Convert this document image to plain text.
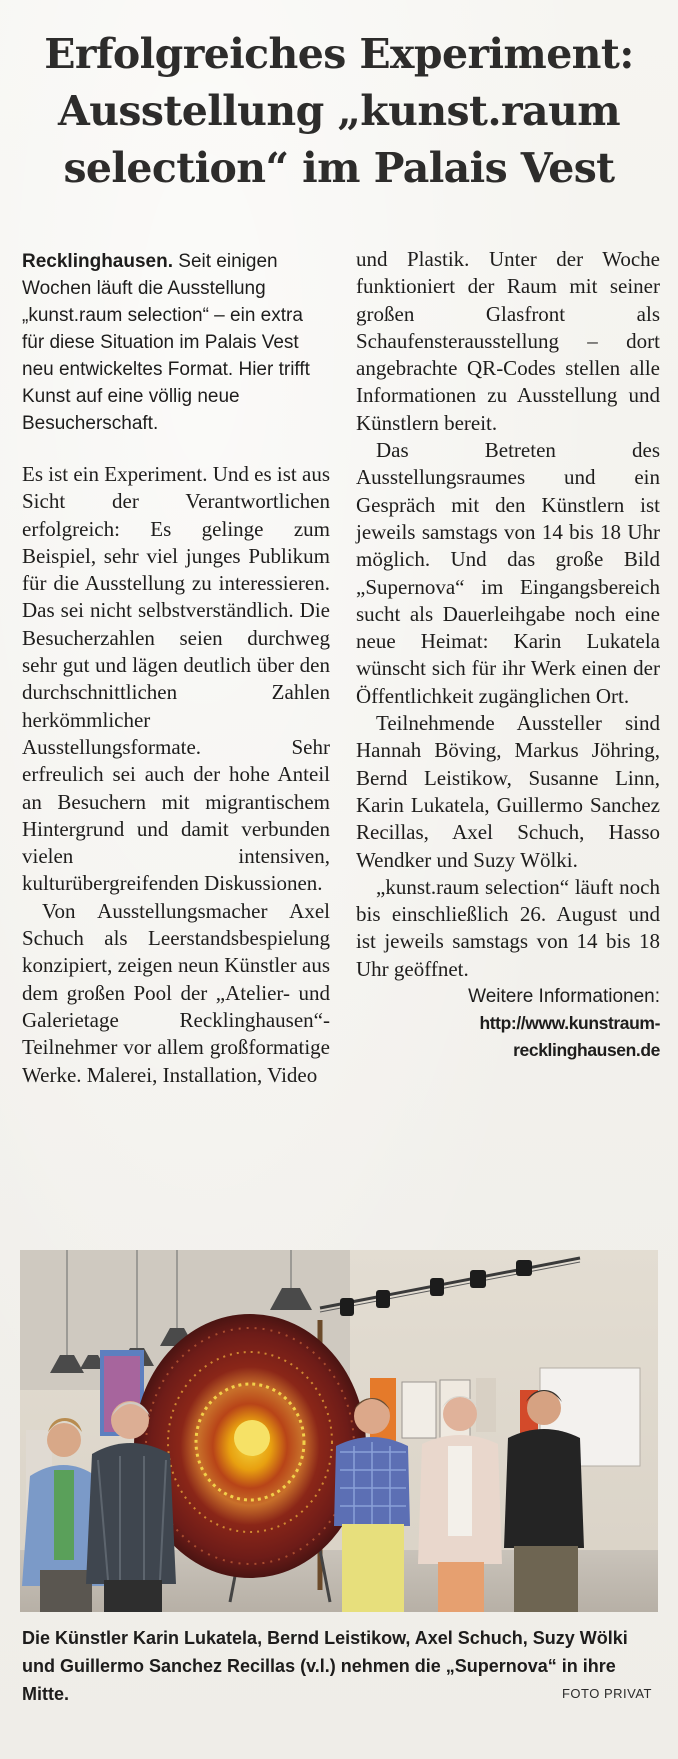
Erfolgreiches Experiment:
Ausstellung „kunst.raum
selection“ im Palais Vest

Recklinghausen. Seit einigen Wochen läuft die Ausstellung „kunst.raum selection“ – ein extra für diese Situation im Palais Vest neu entwickeltes Format. Hier trifft Kunst auf eine völlig neue Besucherschaft.

Es ist ein Experiment. Und es ist aus Sicht der Verantwortlichen erfolgreich: Es gelinge zum Beispiel, sehr viel junges Publikum für die Ausstellung zu interessieren. Das sei nicht selbstverständlich. Die Besucherzahlen seien durchweg sehr gut und lägen deutlich über den durchschnittlichen Zahlen herkömmlicher Ausstellungsformate. Sehr erfreulich sei auch der hohe Anteil an Besuchern mit migrantischem Hintergrund und damit verbunden vielen intensiven, kulturübergreifenden Diskussionen.

Von Ausstellungsmacher Axel Schuch als Leerstandsbespielung konzipiert, zeigen neun Künstler aus dem großen Pool der „Atelier- und Galerietage Recklinghausen“-Teilnehmer vor allem großformatige Werke. Malerei, Installation, Video

und Plastik. Unter der Woche funktioniert der Raum mit seiner großen Glasfront als Schaufensterausstellung – dort angebrachte QR-Codes stellen alle Informationen zu Ausstellung und Künstlern bereit.

Das Betreten des Ausstellungsraumes und ein Gespräch mit den Künstlern ist jeweils samstags von 14 bis 18 Uhr möglich. Und das große Bild „Supernova“ im Eingangsbereich sucht als Dauerleihgabe noch eine neue Heimat: Karin Lukatela wünscht sich für ihr Werk einen der Öffentlichkeit zugänglichen Ort.

Teilnehmende Aussteller sind Hannah Böving, Markus Jöhring, Bernd Leistikow, Susanne Linn, Karin Lukatela, Guillermo Sanchez Recillas, Axel Schuch, Hasso Wendker und Suzy Wölki.

„kunst.raum selection“ läuft noch bis einschließlich 26. August und ist jeweils samstags von 14 bis 18 Uhr geöffnet.

Weitere Informationen:

http://www.kunstraum-

recklinghausen.de

Die Künstler Karin Lukatela, Bernd Leistikow, Axel Schuch, Suzy Wölki und Guillermo Sanchez Recillas (v.l.) nehmen die „Supernova“ in ihre Mitte.	FOTO PRIVAT
